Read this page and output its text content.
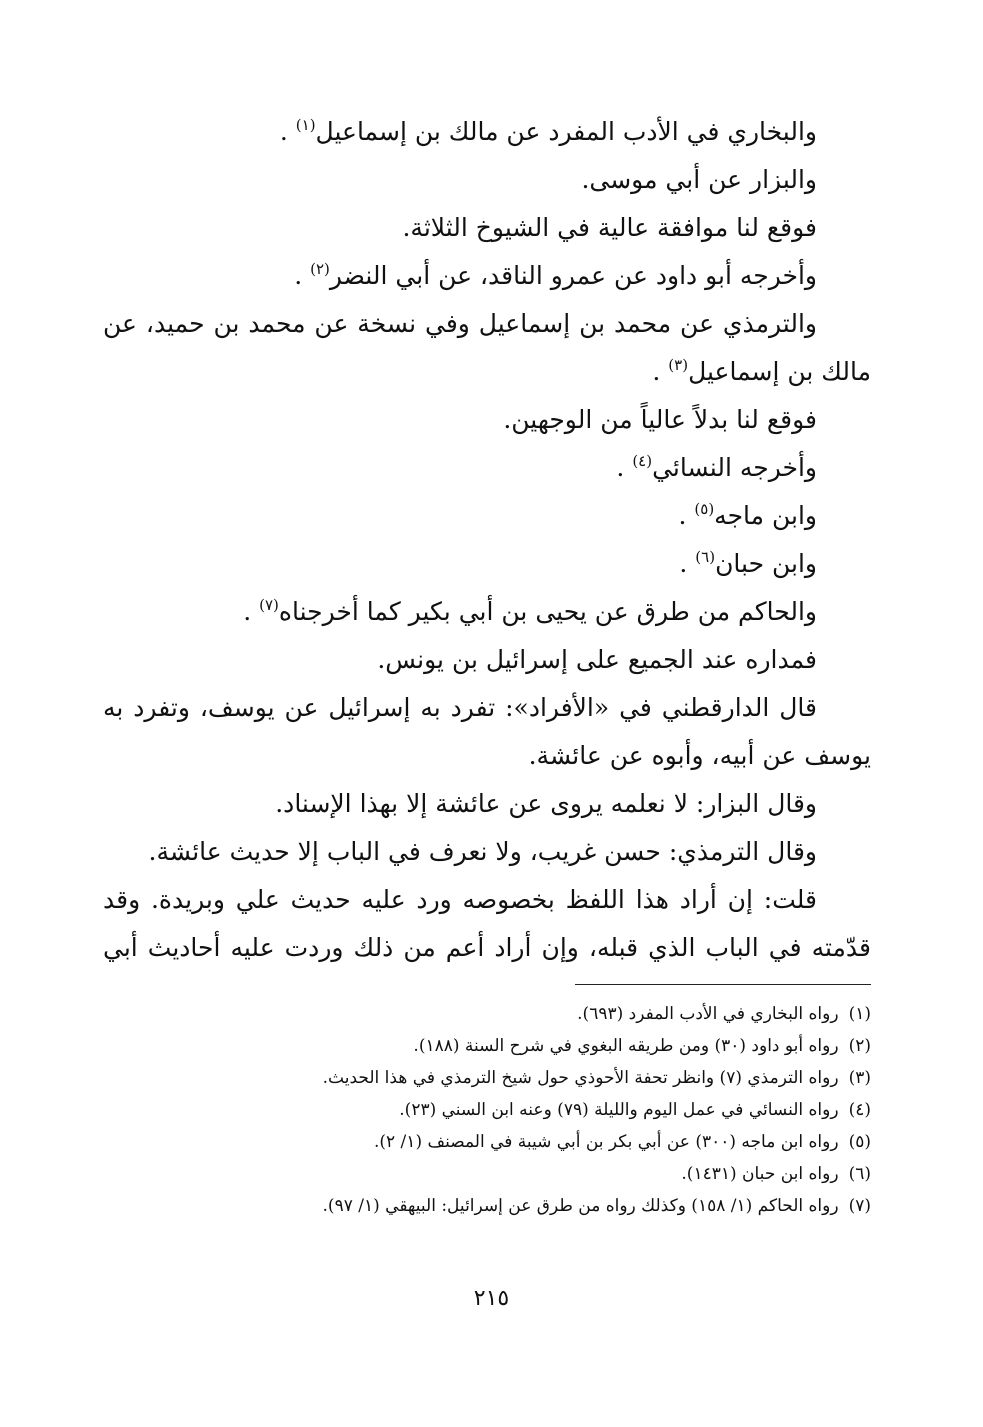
والبخاري في الأدب المفرد عن مالك بن إسماعيل$^{(١)}$ .
والبزار عن أبي موسى.
فوقع لنا موافقة عالية في الشيوخ الثلاثة.
وأخرجه أبو داود عن عمرو الناقد، عن أبي النضر$^{(٢)}$ .
والترمذي عن محمد بن إسماعيل وفي نسخة عن محمد بن حميد، عن
مالك بن إسماعيل$^{(٣)}$ .
فوقع لنا بدلاً عالياً من الوجهين.
وأخرجه النسائي$^{(٤)}$ .
وابن ماجه$^{(٥)}$ .
وابن حبان$^{(٦)}$ .
والحاكم من طرق عن يحيى بن أبي بكير كما أخرجناه$^{(٧)}$ .
فمداره عند الجميع على إسرائيل بن يونس.
قال الدارقطني في «الأفراد»: تفرد به إسرائيل عن يوسف، وتفرد به
يوسف عن أبيه، وأبوه عن عائشة.
وقال البزار: لا نعلمه يروى عن عائشة إلا بهذا الإسناد.
وقال الترمذي: حسن غريب، ولا نعرف في الباب إلا حديث عائشة.
قلت: إن أراد هذا اللفظ بخصوصه ورد عليه حديث علي وبريدة. وقد
قدّمته في الباب الذي قبله، وإن أراد أعم من ذلك وردت عليه أحاديث أبي
(١)رواه البخاري في الأدب المفرد (٦٩٣).
(٢)رواه أبو داود (٣٠) ومن طريقه البغوي في شرح السنة (١٨٨).
(٣)رواه الترمذي (٧) وانظر تحفة الأحوذي حول شيخ الترمذي في هذا الحديث.
(٤)رواه النسائي في عمل اليوم والليلة (٧٩) وعنه ابن السني (٢٣).
(٥)رواه ابن ماجه (٣٠٠) عن أبي بكر بن أبي شيبة في المصنف (١/ ٢).
(٦)رواه ابن حبان (١٤٣١).
(٧)رواه الحاكم (١/ ١٥٨) وكذلك رواه من طرق عن إسرائيل: البيهقي (١/ ٩٧).
٢١٥
